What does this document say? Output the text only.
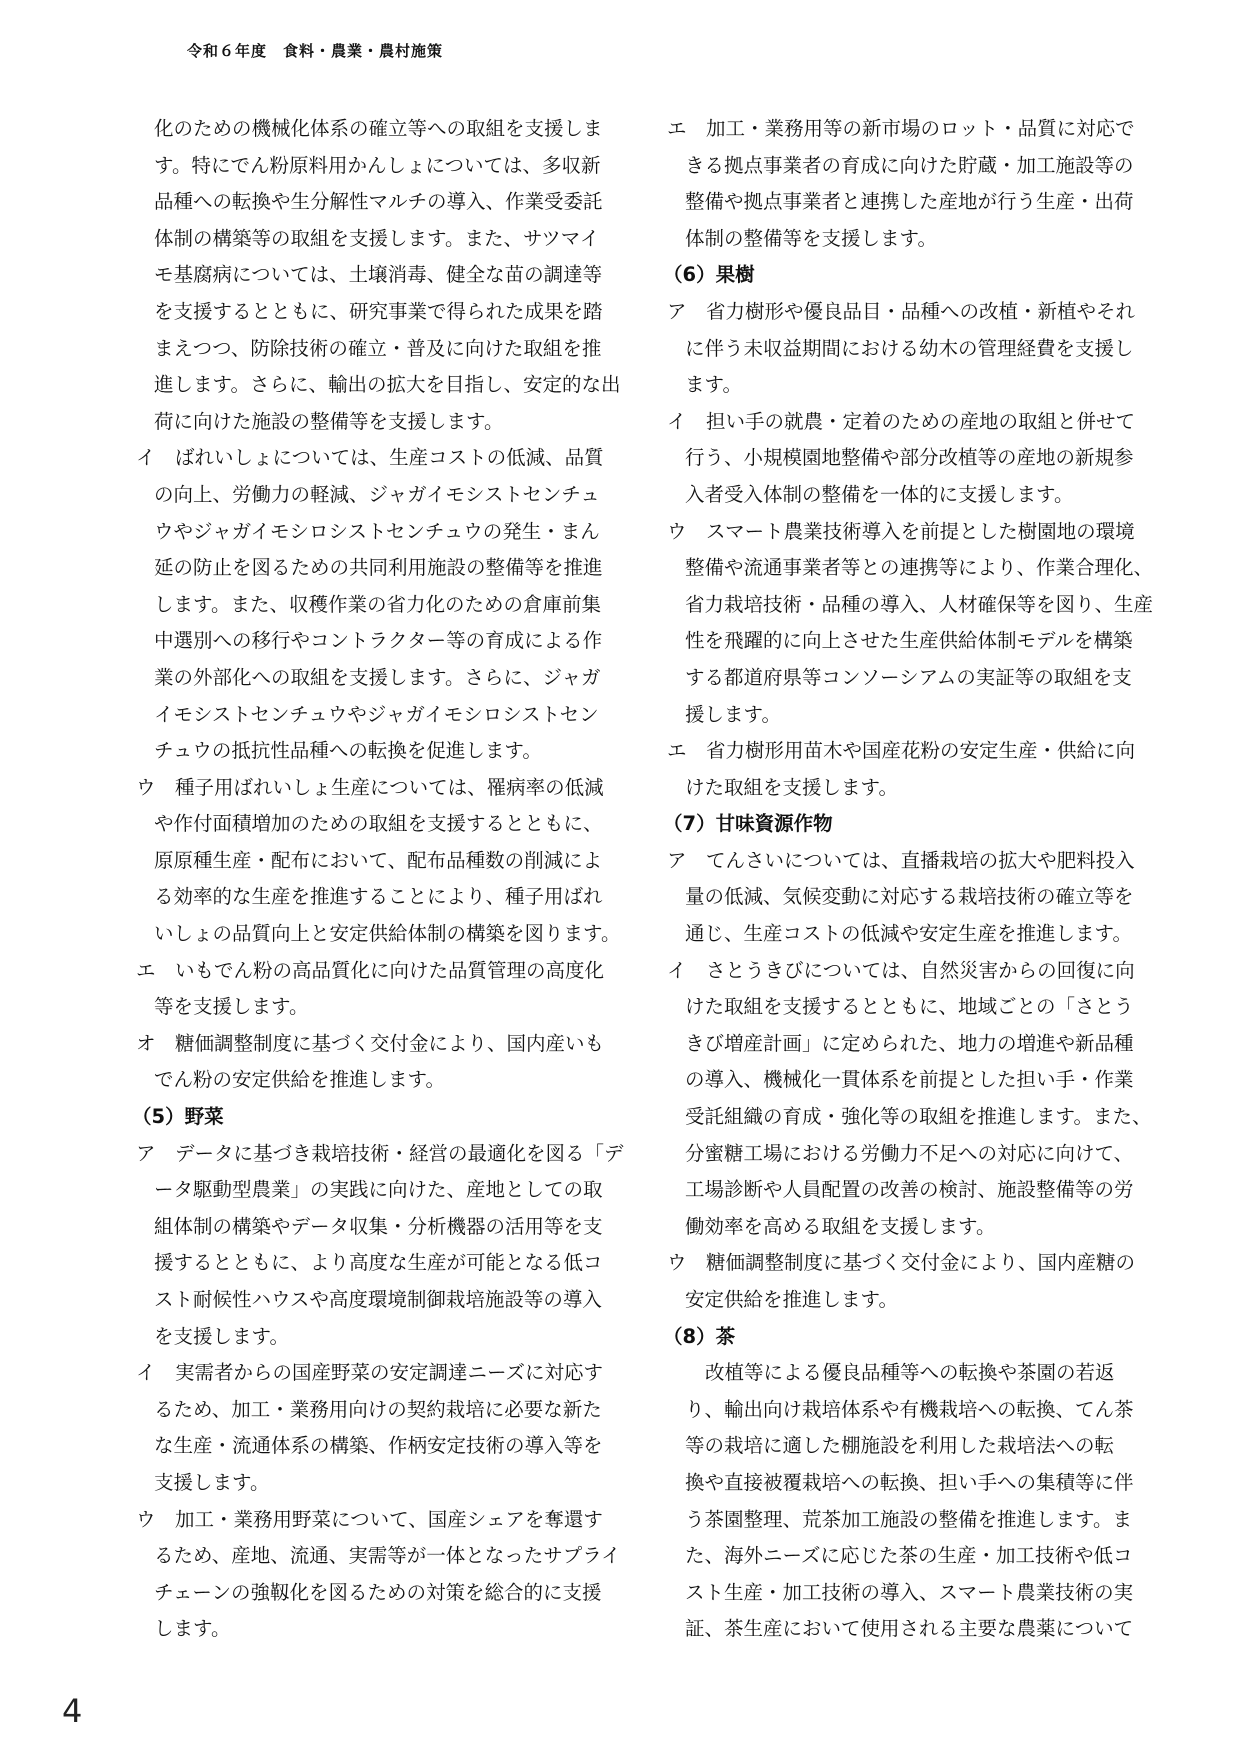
令和６年度　食料・農業・農村施策
化のための機械化体系の確立等への取組を支援しま
す。特にでん粉原料用かんしょについては、多収新
品種への転換や生分解性マルチの導入、作業受委託
体制の構築等の取組を支援します。また、サツマイ
モ基腐病については、土壌消毒、健全な苗の調達等
を支援するとともに、研究事業で得られた成果を踏
まえつつ、防除技術の確立・普及に向けた取組を推
進します。さらに、輸出の拡大を目指し、安定的な出
荷に向けた施設の整備等を支援します。
イ　ばれいしょについては、生産コストの低減、品質
の向上、労働力の軽減、ジャガイモシストセンチュ
ウやジャガイモシロシストセンチュウの発生・まん
延の防止を図るための共同利用施設の整備等を推進
します。また、収穫作業の省力化のための倉庫前集
中選別への移行やコントラクター等の育成による作
業の外部化への取組を支援します。さらに、ジャガ
イモシストセンチュウやジャガイモシロシストセン
チュウの抵抗性品種への転換を促進します。
ウ　種子用ばれいしょ生産については、罹病率の低減
や作付面積増加のための取組を支援するとともに、
原原種生産・配布において、配布品種数の削減によ
る効率的な生産を推進することにより、種子用ばれ
いしょの品質向上と安定供給体制の構築を図ります。
エ　いもでん粉の高品質化に向けた品質管理の高度化
等を支援します。
オ　糖価調整制度に基づく交付金により、国内産いも
でん粉の安定供給を推進します。
（5）野菜
ア　データに基づき栽培技術・経営の最適化を図る「デ
ータ駆動型農業」の実践に向けた、産地としての取
組体制の構築やデータ収集・分析機器の活用等を支
援するとともに、より高度な生産が可能となる低コ
スト耐候性ハウスや高度環境制御栽培施設等の導入
を支援します。
イ　実需者からの国産野菜の安定調達ニーズに対応す
るため、加工・業務用向けの契約栽培に必要な新た
な生産・流通体系の構築、作柄安定技術の導入等を
支援します。
ウ　加工・業務用野菜について、国産シェアを奪還す
るため、産地、流通、実需等が一体となったサプライ
チェーンの強靱化を図るための対策を総合的に支援
します。
エ　加工・業務用等の新市場のロット・品質に対応で
きる拠点事業者の育成に向けた貯蔵・加工施設等の
整備や拠点事業者と連携した産地が行う生産・出荷
体制の整備等を支援します。
（6）果樹
ア　省力樹形や優良品目・品種への改植・新植やそれ
に伴う未収益期間における幼木の管理経費を支援し
ます。
イ　担い手の就農・定着のための産地の取組と併せて
行う、小規模園地整備や部分改植等の産地の新規参
入者受入体制の整備を一体的に支援します。
ウ　スマート農業技術導入を前提とした樹園地の環境
整備や流通事業者等との連携等により、作業合理化、
省力栽培技術・品種の導入、人材確保等を図り、生産
性を飛躍的に向上させた生産供給体制モデルを構築
する都道府県等コンソーシアムの実証等の取組を支
援します。
エ　省力樹形用苗木や国産花粉の安定生産・供給に向
けた取組を支援します。
（7）甘味資源作物
ア　てんさいについては、直播栽培の拡大や肥料投入
量の低減、気候変動に対応する栽培技術の確立等を
通じ、生産コストの低減や安定生産を推進します。
イ　さとうきびについては、自然災害からの回復に向
けた取組を支援するとともに、地域ごとの「さとう
きび増産計画」に定められた、地力の増進や新品種
の導入、機械化一貫体系を前提とした担い手・作業
受託組織の育成・強化等の取組を推進します。また、
分蜜糖工場における労働力不足への対応に向けて、
工場診断や人員配置の改善の検討、施設整備等の労
働効率を高める取組を支援します。
ウ　糖価調整制度に基づく交付金により、国内産糖の
安定供給を推進します。
（8）茶
改植等による優良品種等への転換や茶園の若返
り、輸出向け栽培体系や有機栽培への転換、てん茶
等の栽培に適した棚施設を利用した栽培法への転
換や直接被覆栽培への転換、担い手への集積等に伴
う茶園整理、荒茶加工施設の整備を推進します。ま
た、海外ニーズに応じた茶の生産・加工技術や低コ
スト生産・加工技術の導入、スマート農業技術の実
証、茶生産において使用される主要な農薬について
4
